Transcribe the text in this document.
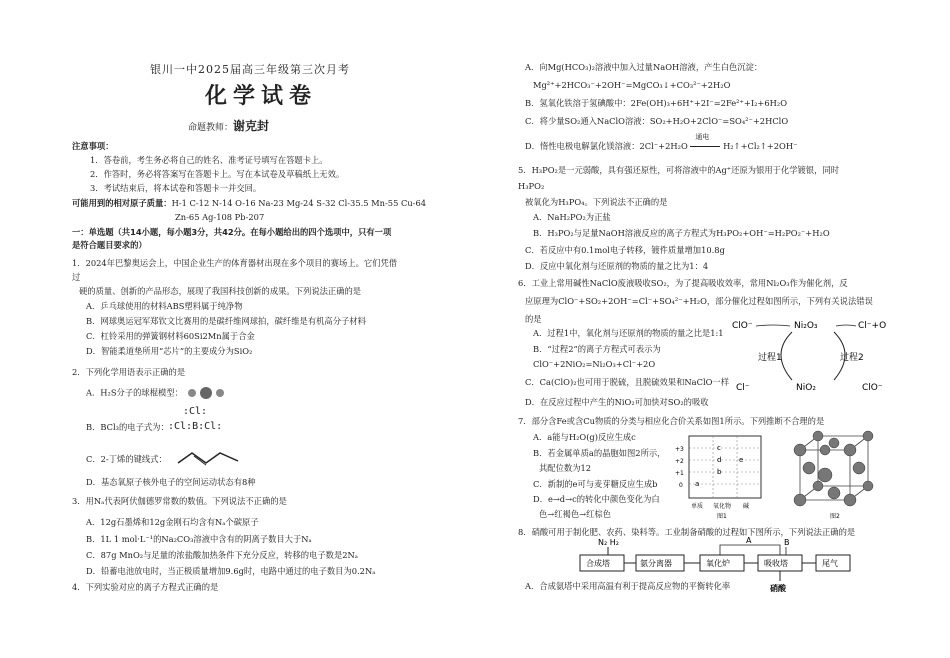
银川一中2025届高三年级第三次月考
化学试卷
命题教师：谢克封
注意事项：
1．答卷前，考生务必将自己的姓名、准考证号填写在答题卡上。
2．作答时，务必将答案写在答题卡上。写在本试卷及草稿纸上无效。
3．考试结束后，将本试卷和答题卡一并交回。
可能用到的相对原子质量：H-1 C-12 N-14 O-16 Na-23 Mg-24 S-32 Cl-35.5 Mn-55 Cu-64
Zn-65 Ag-108 Pb-207
一：单选题（共14小题，每小题3分，共42分。在每小题给出的四个选项中，只有一项
是符合题目要求的）
1．2024年巴黎奥运会上，中国企业生产的体育器材出现在多个项目的赛场上。它们凭借
过
硬的质量、创新的产品形态，展现了我国科技创新的成果。下列说法正确的是
A．乒乓球使用的材料ABS塑料属于纯净物
B．网球奥运冠军郑钦文比赛用的是碳纤维网球拍，碳纤维是有机高分子材料
C．杠铃采用的弹簧钢材料60Si2Mn属于合金
D．智能柔道垫所用“芯片”的主要成分为SiO₂
2．下列化学用语表示正确的是
A．H₂S分子的球棍模型：
:Cl:
B．BCl₃的电子式为： :Cl:B:Cl:
C．2-丁烯的键线式：
D．基态氧原子核外电子的空间运动状态有8种
3．用Nₐ代表阿伏伽德罗常数的数值。下列说法不正确的是
A．12g石墨烯和12g金刚石均含有Nₐ个碳原子
B．1L 1 mol·L⁻¹的Na₂CO₃溶液中含有的阴离子数目大于Nₐ
C．87g MnO₂与足量的浓盐酸加热条件下充分反应，转移的电子数是2Nₐ
D．铅蓄电池放电时，当正极质量增加9.6g时，电路中通过的电子数目为0.2Nₐ
4．下列实验对应的离子方程式正确的是
A．向Mg(HCO₃)₂溶液中加入过量NaOH溶液，产生白色沉淀：
Mg²⁺+2HCO₃⁻+2OH⁻=MgCO₃↓+CO₃²⁻+2H₂O
B．氢氧化铁溶于氢碘酸中：2Fe(OH)₃+6H⁺+2I⁻=2Fe²⁺+I₂+6H₂O
C．将少量SO₂通入NaClO溶液：SO₂+H₂O+2ClO⁻=SO₄²⁻+2HClO
D．惰性电极电解氯化镁溶液：2Cl⁻+2H₂O
通电
H₂↑+Cl₂↑+2OH⁻
5．H₃PO₂是一元弱酸，具有强还原性，可将溶液中的Ag⁺还原为银用于化学镀银，同时
H₃PO₂
被氧化为H₃PO₄。下列说法不正确的是
A．NaH₂PO₂为正盐
B．H₃PO₂与足量NaOH溶液反应的离子方程式为H₃PO₂+OH⁻=H₂PO₂⁻+H₂O
C．若反应中有0.1mol电子转移，镀件质量增加10.8g
D．反应中氧化剂与还原剂的物质的量之比为1：4
6．工业上常用碱性NaClO废液吸收SO₂，为了提高吸收效率，常用Ni₂O₃作为催化剂，反
应原理为ClO⁻+SO₂+2OH⁻=Cl⁻+SO₄²⁻+H₂O，部分催化过程如图所示，下列有关说法错误
的是
A．过程1中，氧化剂与还原剂的物质的量之比是1:1
B．“过程2”的离子方程式可表示为
ClO⁻+2NiO₂=Ni₂O₃+Cl⁻+2O
C．Ca(ClO)₂也可用于脱硫，且脱硫效果和NaClO一样
D．在反应过程中产生的NiO₂可加快对SO₂的吸收
ClO⁻	Ni₂O₃	Cl⁻+O
过程1	过程2
Cl⁻	NiO₂	ClO⁻
7．部分含Fe或含Cu物质的分类与相应化合价关系如图1所示。下列推断不合理的是
A．a能与H₂O(g)反应生成c
B．若金属单质a的晶胞如图2所示，
其配位数为12
C．新制的e可与麦芽糖反应生成b
D．e→d→c的转化中颜色变化为白
色→红褐色→红棕色
+3
+2
+1
0
单质 氧化物 碱
c
d
b
e
a
图1	图2
8．硝酸可用于制化肥、农药、染料等。工业制备硝酸的过程如下图所示，下列说法正确的是
N₂ H₂
合成塔	氨分离器	氧化炉	吸收塔	尾气
A	B
硝酸
A．合成氨塔中采用高温有利于提高反应物的平衡转化率
